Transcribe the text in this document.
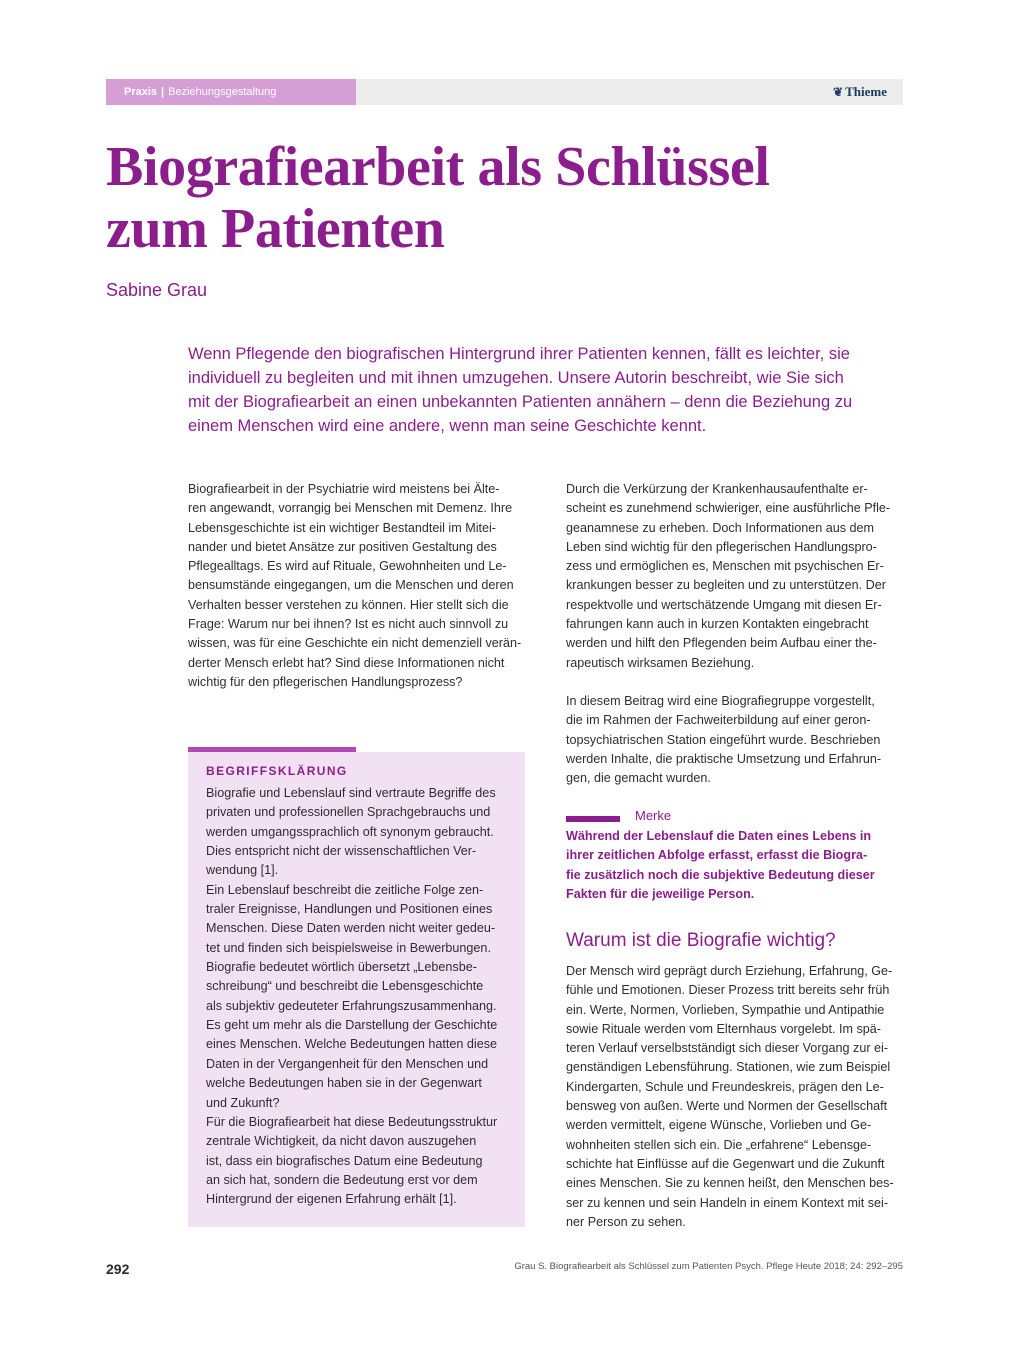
Praxis | Beziehungsgestaltung	❦ Thieme
Biografiearbeit als Schlüssel
zum Patienten
Sabine Grau

Wenn Pflegende den biografischen Hintergrund ihrer Patienten kennen, fällt es leichter, sie
individuell zu begleiten und mit ihnen umzugehen. Unsere Autorin beschreibt, wie Sie sich
mit der Biografiearbeit an einen unbekannten Patienten annähern – denn die Beziehung zu
einem Menschen wird eine andere, wenn man seine Geschichte kennt.

Biografiearbeit in der Psychiatrie wird meistens bei Älte-
ren angewandt, vorrangig bei Menschen mit Demenz. Ihre
Lebensgeschichte ist ein wichtiger Bestandteil im Mitei-
nander und bietet Ansätze zur positiven Gestaltung des
Pflegealltags. Es wird auf Rituale, Gewohnheiten und Le-
bensumstände eingegangen, um die Menschen und deren
Verhalten besser verstehen zu können. Hier stellt sich die
Frage: Warum nur bei ihnen? Ist es nicht auch sinnvoll zu
wissen, was für eine Geschichte ein nicht demenziell verän-
derter Mensch erlebt hat? Sind diese Informationen nicht
wichtig für den pflegerischen Handlungsprozess?
BEGRIFFSKLÄRUNG
Biografie und Lebenslauf sind vertraute Begriffe des
privaten und professionellen Sprachgebrauchs und
werden umgangssprachlich oft synonym gebraucht.
Dies entspricht nicht der wissenschaftlichen Ver-
wendung [1].
Ein Lebenslauf beschreibt die zeitliche Folge zen-
traler Ereignisse, Handlungen und Positionen eines
Menschen. Diese Daten werden nicht weiter gedeu-
tet und finden sich beispielsweise in Bewerbungen.
Biografie bedeutet wörtlich übersetzt „Lebensbe-
schreibung“ und beschreibt die Lebensgeschichte
als subjektiv gedeuteter Erfahrungszusammenhang.
Es geht um mehr als die Darstellung der Geschichte
eines Menschen. Welche Bedeutungen hatten diese
Daten in der Vergangenheit für den Menschen und
welche Bedeutungen haben sie in der Gegenwart
und Zukunft?
Für die Biografiearbeit hat diese Bedeutungsstruktur
zentrale Wichtigkeit, da nicht davon auszugehen
ist, dass ein biografisches Datum eine Bedeutung
an sich hat, sondern die Bedeutung erst vor dem
Hintergrund der eigenen Erfahrung erhält [1].
Durch die Verkürzung der Krankenhausaufenthalte er-
scheint es zunehmend schwieriger, eine ausführliche Pfle-
geanamnese zu erheben. Doch Informationen aus dem
Leben sind wichtig für den pflegerischen Handlungspro-
zess und ermöglichen es, Menschen mit psychischen Er-
krankungen besser zu begleiten und zu unterstützen. Der
respektvolle und wertschätzende Umgang mit diesen Er-
fahrungen kann auch in kurzen Kontakten eingebracht
werden und hilft den Pflegenden beim Aufbau einer the-
rapeutisch wirksamen Beziehung.
In diesem Beitrag wird eine Biografiegruppe vorgestellt,
die im Rahmen der Fachweiterbildung auf einer geron-
topsychiatrischen Station eingeführt wurde. Beschrieben
werden Inhalte, die praktische Umsetzung und Erfahrun-
gen, die gemacht wurden.
Merke
Während der Lebenslauf die Daten eines Lebens in
ihrer zeitlichen Abfolge erfasst, erfasst die Biogra-
fie zusätzlich noch die subjektive Bedeutung dieser
Fakten für die jeweilige Person.
Warum ist die Biografie wichtig?
Der Mensch wird geprägt durch Erziehung, Erfahrung, Ge-
fühle und Emotionen. Dieser Prozess tritt bereits sehr früh
ein. Werte, Normen, Vorlieben, Sympathie und Antipathie
sowie Rituale werden vom Elternhaus vorgelebt. Im spä-
teren Verlauf verselbstständigt sich dieser Vorgang zur ei-
genständigen Lebensführung. Stationen, wie zum Beispiel
Kindergarten, Schule und Freundeskreis, prägen den Le-
bensweg von außen. Werte und Normen der Gesellschaft
werden vermittelt, eigene Wünsche, Vorlieben und Ge-
wohnheiten stellen sich ein. Die „erfahrene“ Lebensge-
schichte hat Einflüsse auf die Gegenwart und die Zukunft
eines Menschen. Sie zu kennen heißt, den Menschen bes-
ser zu kennen und sein Handeln in einem Kontext mit sei-
ner Person zu sehen.
292	Grau S. Biografiearbeit als Schlüssel zum Patienten Psych. Pflege Heute 2018; 24: 292–295
